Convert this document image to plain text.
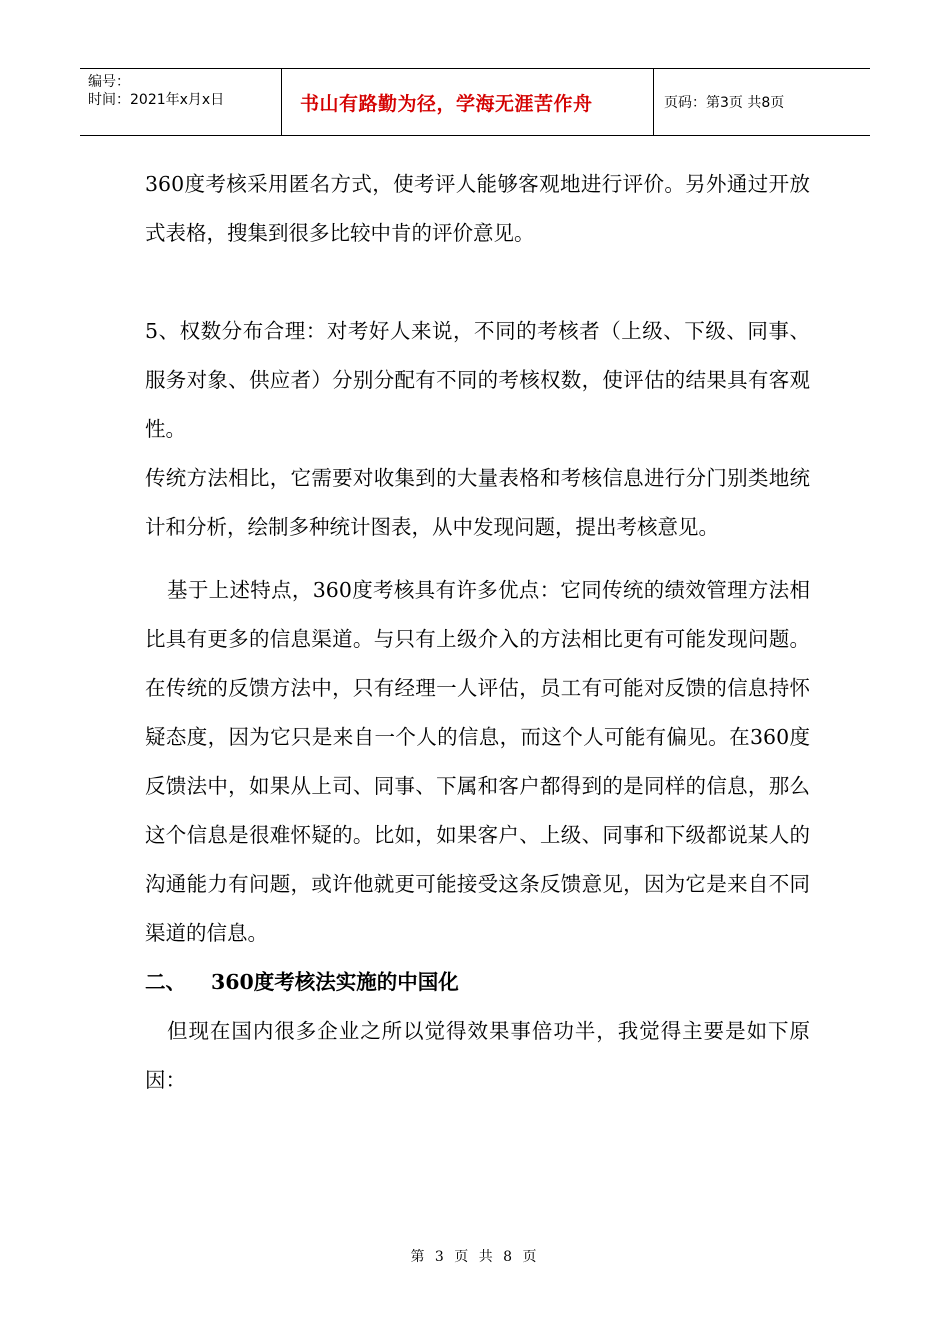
编号：
时间：2021年x月x日	书山有路勤为径，学海无涯苦作舟	页码：第3页 共8页

360度考核采用匿名方式，使考评人能够客观地进行评价。另外通过开放式表格，搜集到很多比较中肯的评价意见。

5、权数分布合理：对考好人来说，不同的考核者（上级、下级、同事、服务对象、供应者）分别分配有不同的考核权数，使评估的结果具有客观性。

传统方法相比，它需要对收集到的大量表格和考核信息进行分门别类地统计和分析，绘制多种统计图表，从中发现问题，提出考核意见。

基于上述特点，360度考核具有许多优点：它同传统的绩效管理方法相比具有更多的信息渠道。与只有上级介入的方法相比更有可能发现问题。在传统的反馈方法中，只有经理一人评估，员工有可能对反馈的信息持怀疑态度，因为它只是来自一个人的信息，而这个人可能有偏见。在360度反馈法中，如果从上司、同事、下属和客户都得到的是同样的信息，那么这个信息是很难怀疑的。比如，如果客户、上级、同事和下级都说某人的沟通能力有问题，或许他就更可能接受这条反馈意见，因为它是来自不同渠道的信息。

二、 360度考核法实施的中国化

但现在国内很多企业之所以觉得效果事倍功半，我觉得主要是如下原因：

第 3 页 共 8 页
